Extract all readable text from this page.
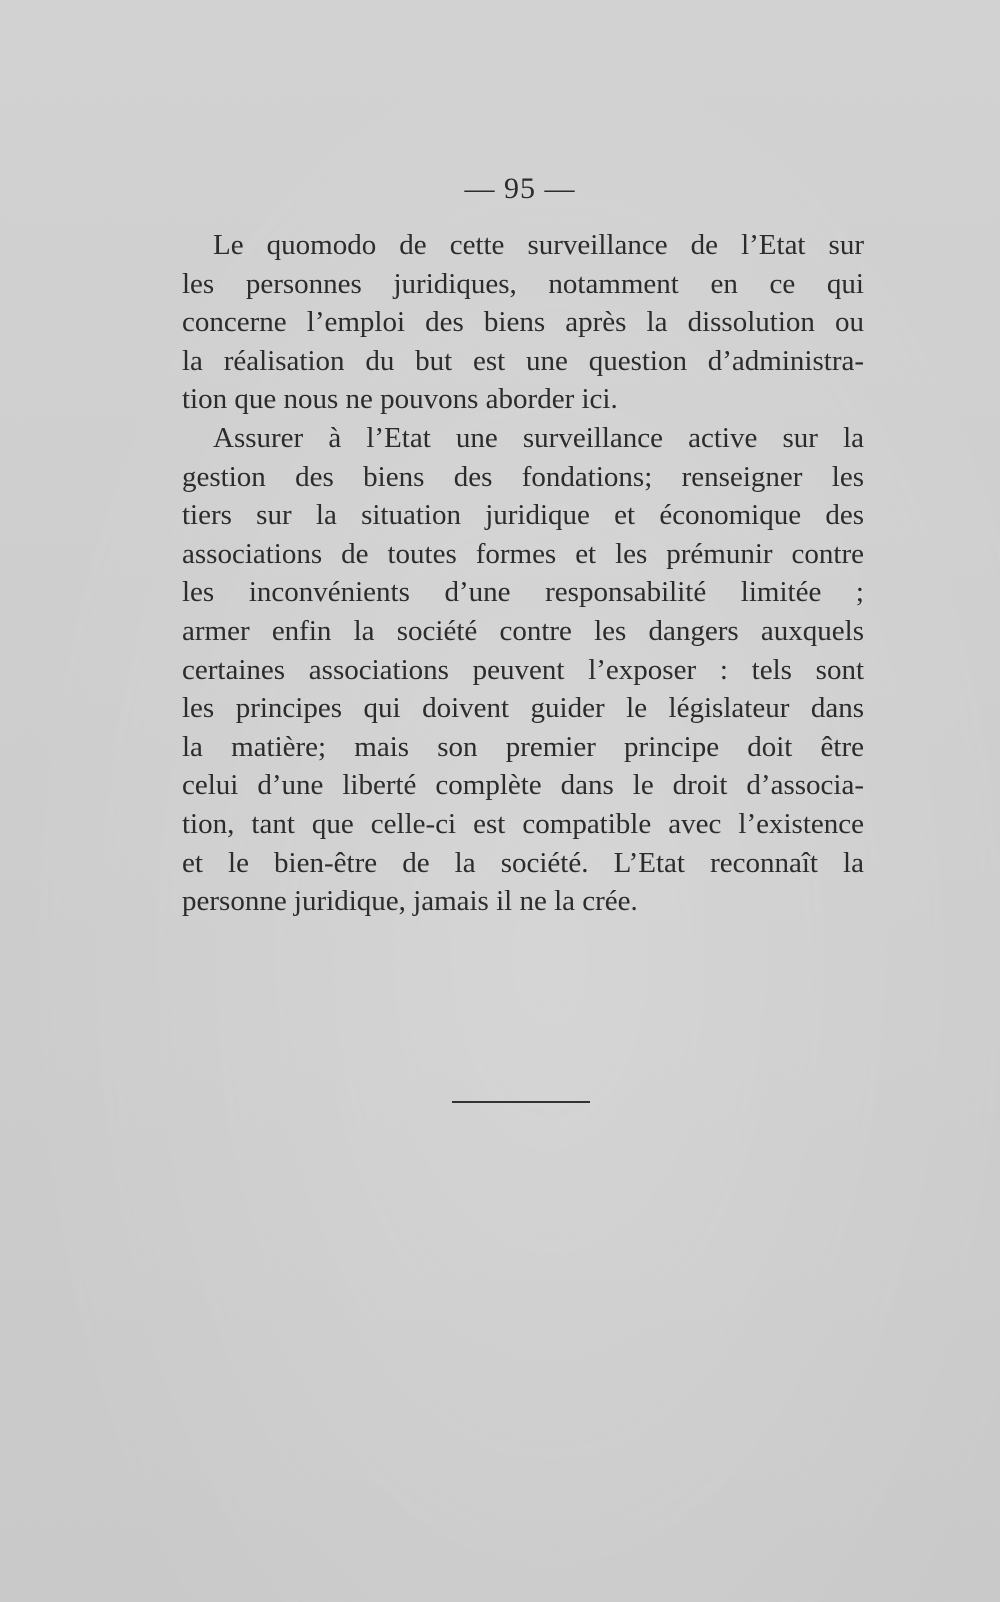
— 95 —
Le quomodo de cette surveillance de l’Etat sur
les personnes juridiques, notamment en ce qui
concerne l’emploi des biens après la dissolution ou
la réalisation du but est une question d’administra-
tion que nous ne pouvons aborder ici.
Assurer à l’Etat une surveillance active sur la
gestion des biens des fondations; renseigner les
tiers sur la situation juridique et économique des
associations de toutes formes et les prémunir contre
les inconvénients d’une responsabilité limitée ;
armer enfin la société contre les dangers auxquels
certaines associations peuvent l’exposer : tels sont
les principes qui doivent guider le législateur dans
la matière; mais son premier principe doit être
celui d’une liberté complète dans le droit d’associa-
tion, tant que celle-ci est compatible avec l’existence
et le bien-être de la société. L’Etat reconnaît la
personne juridique, jamais il ne la crée.
